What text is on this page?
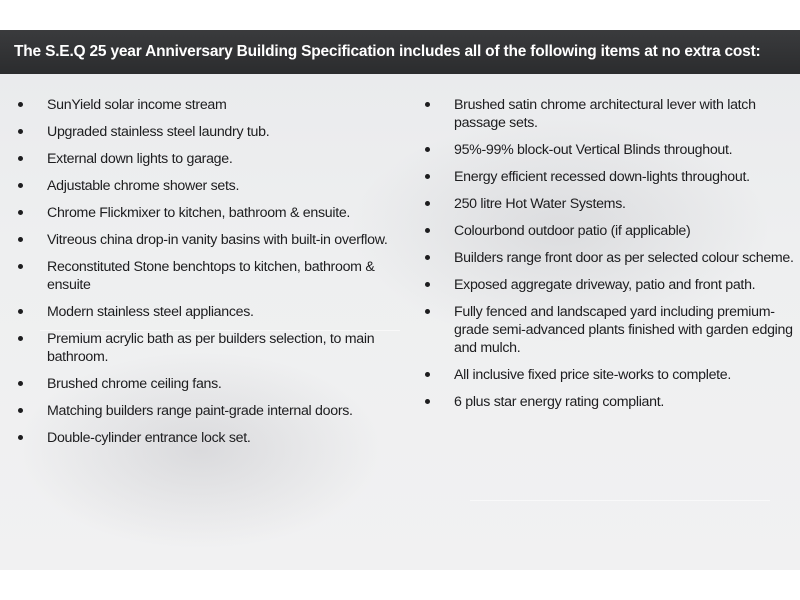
The S.E.Q 25 year Anniversary Building Specification includes all of the following items at no extra cost:
SunYield solar income stream
Upgraded stainless steel laundry tub.
External down lights to garage.
Adjustable chrome shower sets.
Chrome Flickmixer to kitchen, bathroom & ensuite.
Vitreous china drop-in vanity basins with built-in overflow.
Reconstituted Stone benchtops to kitchen, bathroom & ensuite
Modern stainless steel appliances.
Premium acrylic bath as per builders selection, to main bathroom.
Brushed chrome ceiling fans.
Matching builders range paint-grade internal doors.
Double-cylinder entrance lock set.
Brushed satin chrome architectural lever with latch passage sets.
95%-99% block-out Vertical Blinds throughout.
Energy efficient recessed down-lights throughout.
250 litre Hot Water Systems.
Colourbond outdoor patio (if applicable)
Builders range front door as per selected colour scheme.
Exposed aggregate driveway, patio and front path.
Fully fenced and landscaped yard including premium-grade semi-advanced plants finished with garden edging and mulch.
All inclusive fixed price site-works to complete.
6 plus star energy rating compliant.
